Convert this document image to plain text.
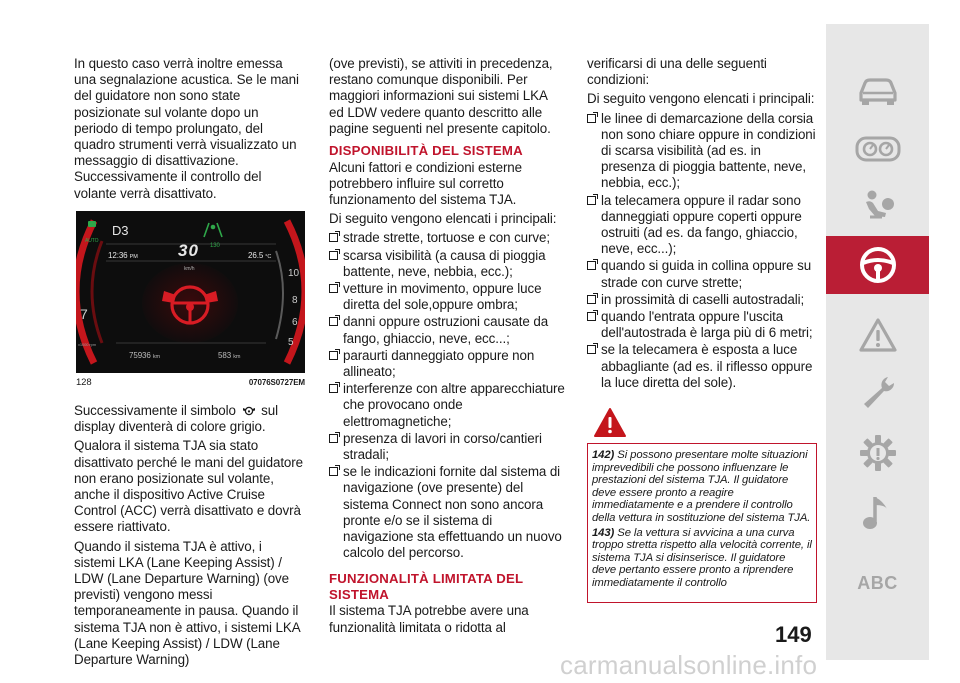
In questo caso verrà inoltre emessa una segnalazione acustica. Se le mani del guidatore non sono state posizionate sul volante dopo un periodo di tempo prolungato, del quadro strumenti verrà visualizzato un messaggio di disattivazione. Successivamente il controllo del volante verrà disattivato.

D3
AUTO
130
12:36 PM 30
km/h
26.5 °C
75936 km	583 km
7
10
8
6
5
x1000 rpm
128	07076S0727EM

Successivamente il simbolo sul display diventerà di colore grigio.

Qualora il sistema TJA sia stato disattivato perché le mani del guidatore non erano posizionate sul volante, anche il dispositivo Active Cruise Control (ACC) verrà disattivato e dovrà essere riattivato.

Quando il sistema TJA è attivo, i sistemi LKA (Lane Keeping Assist) / LDW (Lane Departure Warning) (ove previsti) vengono messi temporaneamente in pausa. Quando il sistema TJA non è attivo, i sistemi LKA (Lane Keeping Assist) / LDW (Lane Departure Warning)

(ove previsti), se attiviti in precedenza, restano comunque disponibili. Per maggiori informazioni sui sistemi LKA ed LDW vedere quanto descritto alle pagine seguenti nel presente capitolo.

DISPONIBILITÀ DEL SISTEMA

Alcuni fattori e condizioni esterne potrebbero influire sul corretto funzionamento del sistema TJA.

Di seguito vengono elencati i principali:

strade strette, tortuose e con curve;
scarsa visibilità (a causa di pioggia battente, neve, nebbia, ecc.);
vetture in movimento, oppure luce diretta del sole,oppure ombra;
danni oppure ostruzioni causate da fango, ghiaccio, neve, ecc...;
paraurti danneggiato oppure non allineato;
interferenze con altre apparecchiature che provocano onde elettromagnetiche;
presenza di lavori in corso/cantieri stradali;
se le indicazioni fornite dal sistema di navigazione (ove presente) del sistema Connect non sono ancora pronte e/o se il sistema di navigazione sta effettuando un nuovo calcolo del percorso.
FUNZIONALITÀ LIMITATA DEL SISTEMA

Il sistema TJA potrebbe avere una funzionalità limitata o ridotta al

verificarsi di una delle seguenti condizioni:

Di seguito vengono elencati i principali:

le linee di demarcazione della corsia non sono chiare oppure in condizioni di scarsa visibilità (ad es. in presenza di pioggia battente, neve, nebbia, ecc.);
la telecamera oppure il radar sono danneggiati oppure coperti oppure ostruiti (ad es. da fango, ghiaccio, neve, ecc...);
quando si guida in collina oppure su strade con curve strette;
in prossimità di caselli autostradali;
quando l'entrata oppure l'uscita dell'autostrada è larga più di 6 metri;
se la telecamera è esposta a luce abbagliante (ad es. il riflesso oppure la luce diretta del sole).
ATTENZIONE

142) Si possono presentare molte situazioni imprevedibili che possono influenzare le prestazioni del sistema TJA. Il guidatore deve essere pronto a reagire immediatamente e a prendere il controllo della vettura in sostituzione del sistema TJA.

143) Se la vettura si avvicina a una curva troppo stretta rispetto alla velocità corrente, il sistema TJA si disinserisce. Il guidatore deve pertanto essere pronto a riprendere immediatamente il controllo

149
ABC
carmanualsonline.info
